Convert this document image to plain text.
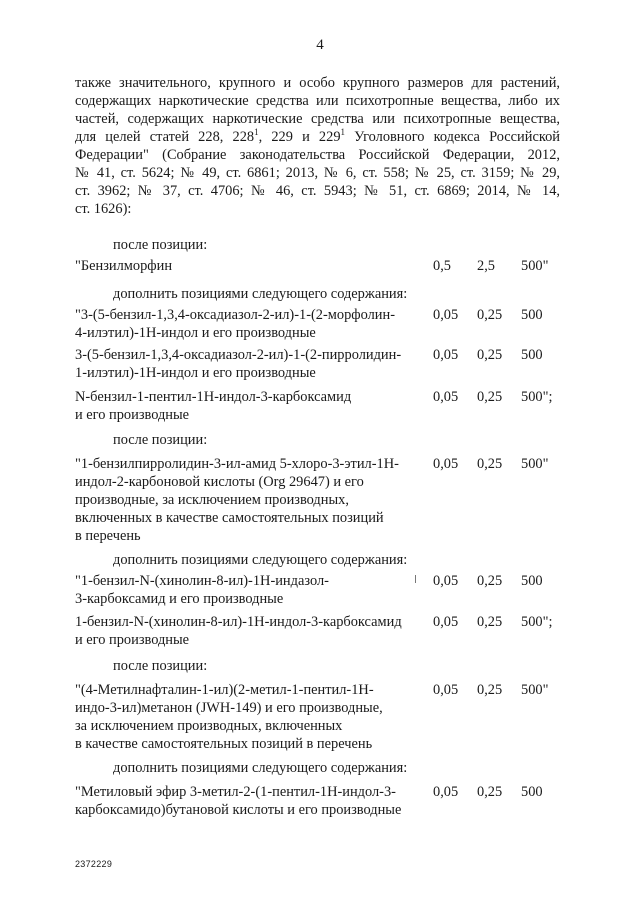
4
также значительного, крупного и особо крупного размеров для растений,
содержащих наркотические средства или психотропные вещества, либо их
частей, содержащих наркотические средства или психотропные вещества,
для целей статей 228, $228^1$, 229 и $229^1$ Уголовного кодекса Российской
Федерации" (Собрание законодательства Российской Федерации, 2012,
№ 41, ст. 5624; № 49, ст. 6861; 2013, № 6, ст. 558; № 25, ст. 3159; № 29,
ст. 3962; № 37, ст. 4706; № 46, ст. 5943; № 51, ст. 6869; 2014, № 14,
ст. 1626):
после позиции:
"Бензилморфин	0,5 2,5 500"
дополнить позициями следующего содержания:
"3-(5-бензил-1,3,4-оксадиазол-2-ил)-1-(2-морфолин-
4-илэтил)-1Н-индол и его производные
0,05 0,25 500
3-(5-бензил-1,3,4-оксадиазол-2-ил)-1-(2-пирролидин-
1-илэтил)-1Н-индол и его производные
0,05 0,25 500
N-бензил-1-пентил-1Н-индол-3-карбоксамид
и его производные
0,05 0,25 500";
после позиции:
"1-бензилпирролидин-3-ил-амид 5-хлоро-3-этил-1Н-
индол-2-карбоновой кислоты (Org 29647) и его
производные, за исключением производных,
включенных в качестве самостоятельных позиций
в перечень
0,05 0,25 500"
дополнить позициями следующего содержания:
"1-бензил-N-(хинолин-8-ил)-1Н-индазол-
3-карбоксамид и его производные
0,05 0,25 500
1-бензил-N-(хинолин-8-ил)-1Н-индол-3-карбоксамид
и его производные
0,05 0,25 500";
после позиции:
"(4-Метилнафталин-1-ил)(2-метил-1-пентил-1Н-
индо-3-ил)метанон (JWH-149) и его производные,
за исключением производных, включенных
в качестве самостоятельных позиций в перечень
0,05 0,25 500"
дополнить позициями следующего содержания:
"Метиловый эфир 3-метил-2-(1-пентил-1Н-индол-3-
карбоксамидо)бутановой кислоты и его производные
0,05 0,25 500
2372229
